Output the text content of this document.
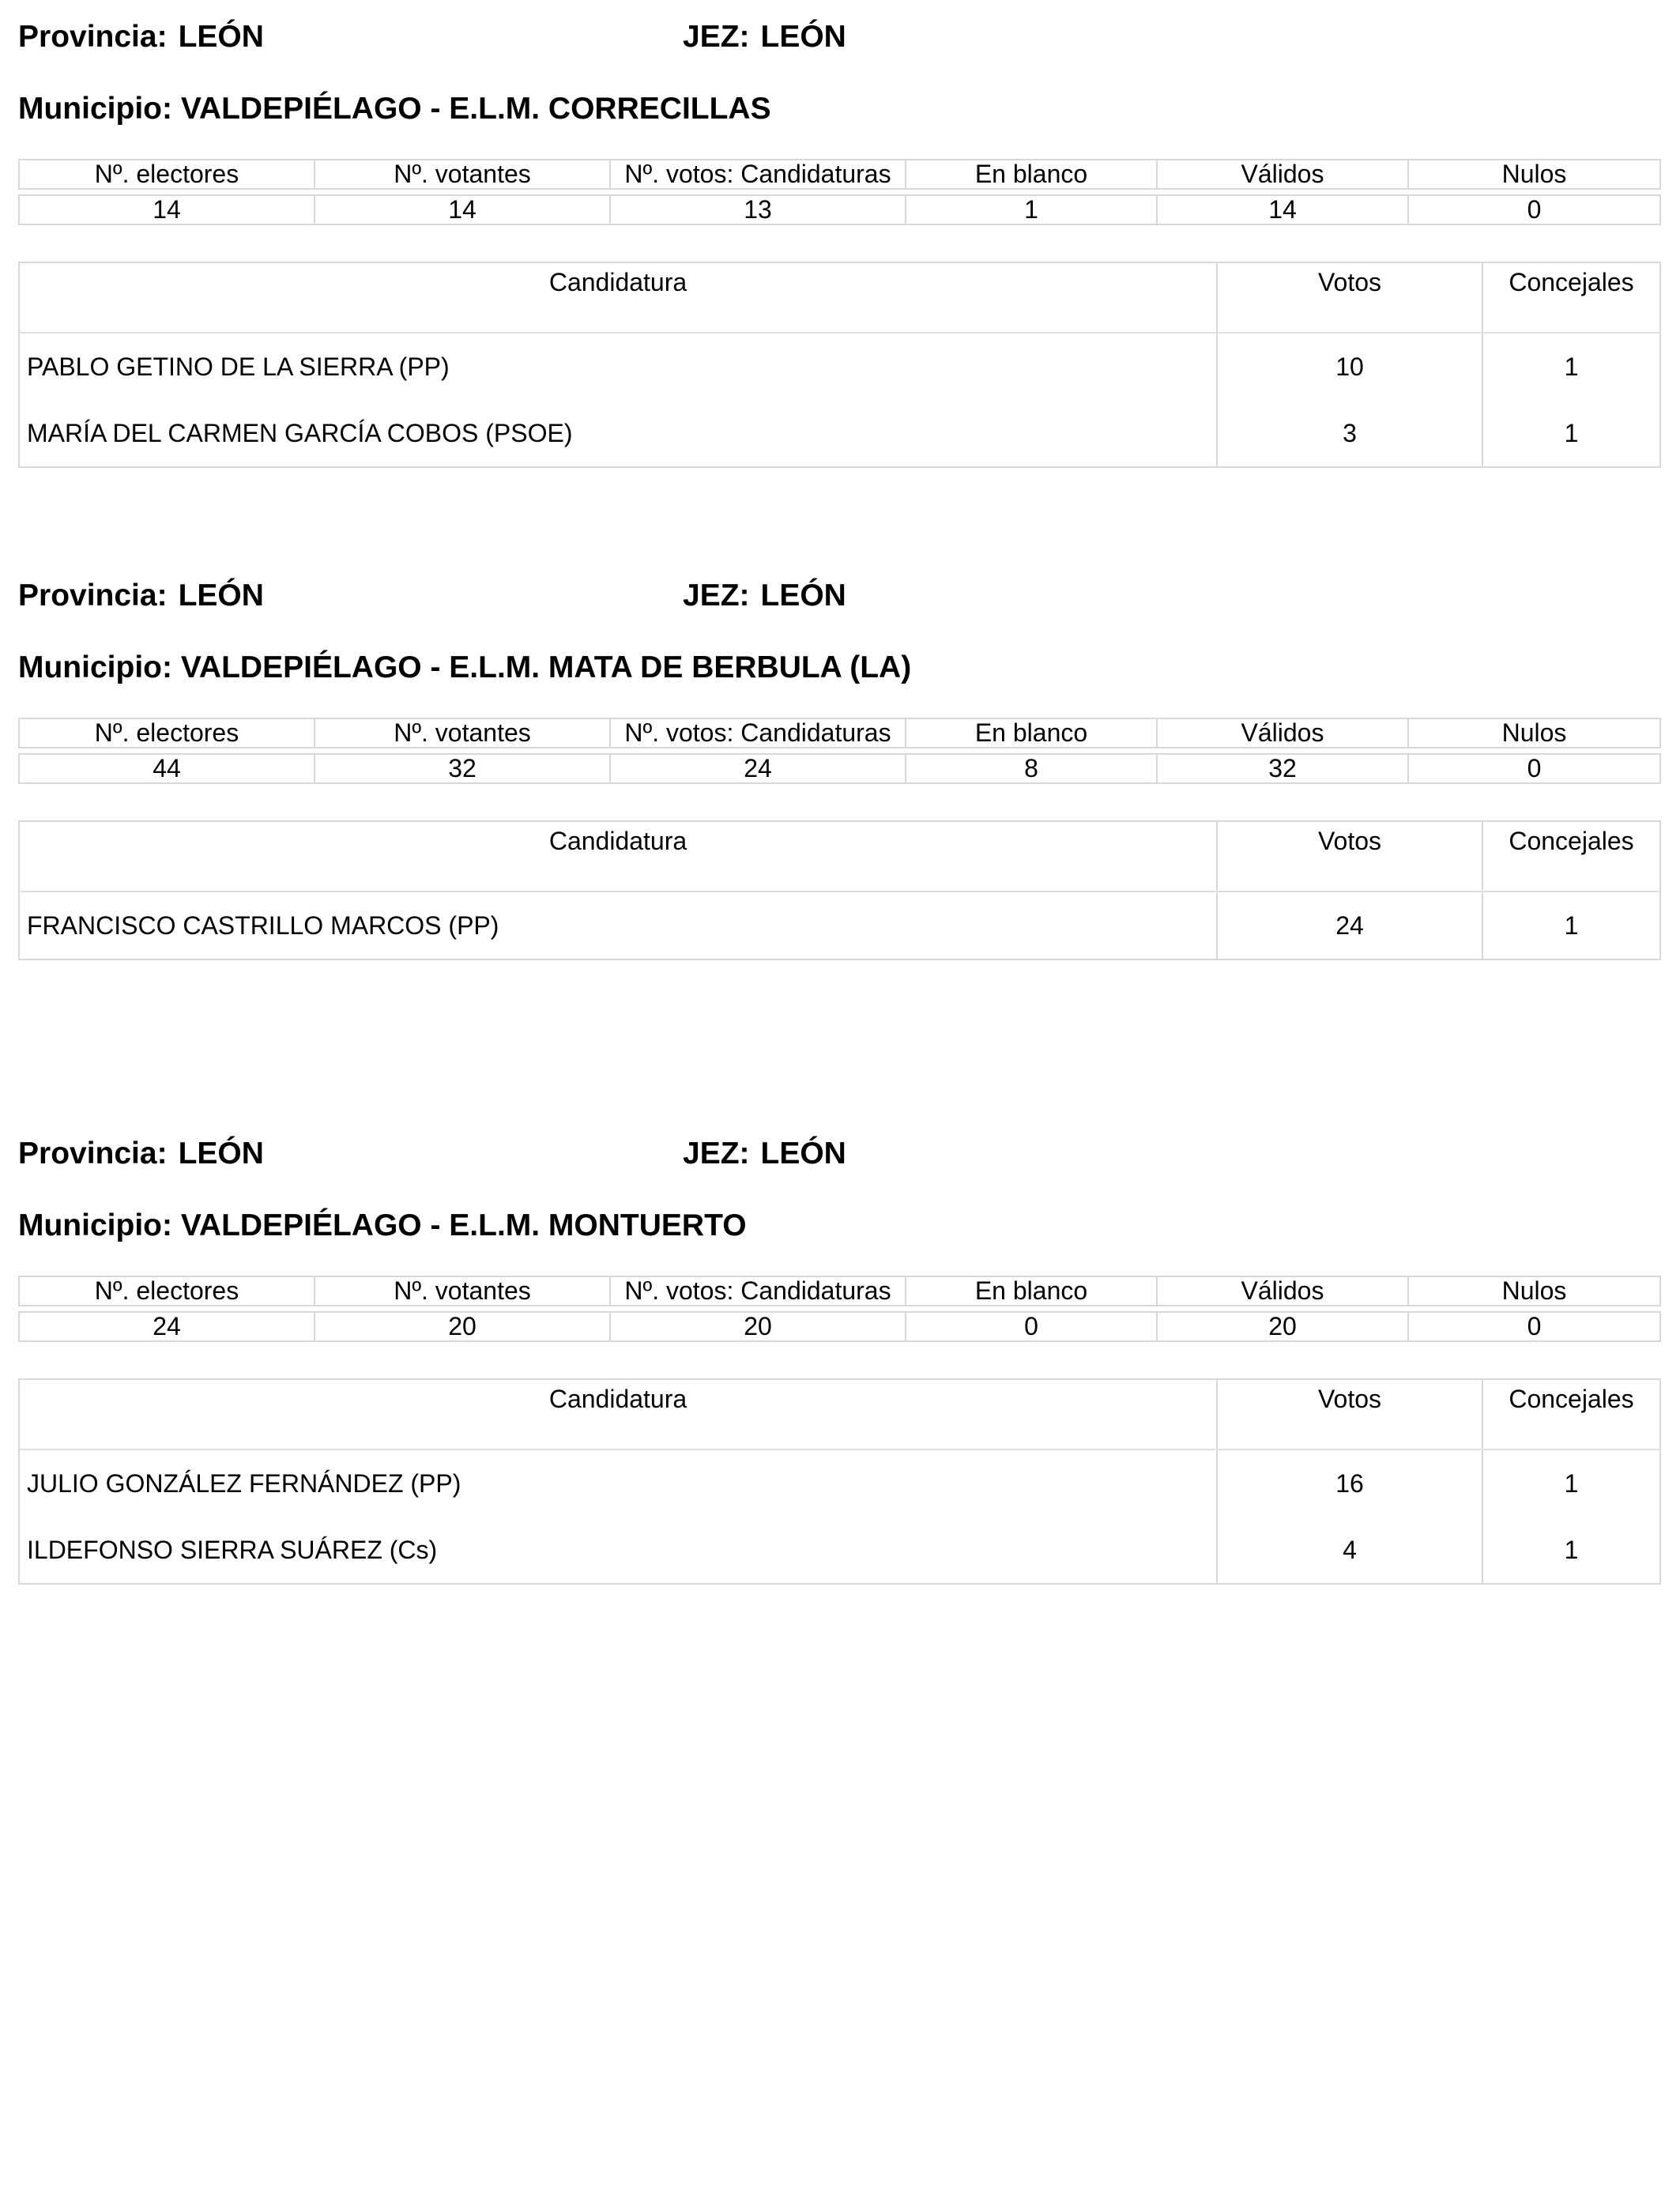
Provincia: LEÓN	JEZ: LEÓN
Municipio: VALDEPIÉLAGO - E.L.M. CORRECILLAS
Nº. electores	Nº. votantes	Nº. votos: Candidaturas	En blanco	Válidos	Nulos

14	14	13	1	14	0
Candidatura	Votos	Concejales
PABLO GETINO DE LA SIERRA (PP)	10	1
MARÍA DEL CARMEN GARCÍA COBOS (PSOE)	3	1
Provincia: LEÓN	JEZ: LEÓN
Municipio: VALDEPIÉLAGO - E.L.M. MATA DE BERBULA (LA)
Nº. electores	Nº. votantes	Nº. votos: Candidaturas	En blanco	Válidos	Nulos

44	32	24	8	32	0
Candidatura	Votos	Concejales
FRANCISCO CASTRILLO MARCOS (PP)	24	1
Provincia: LEÓN	JEZ: LEÓN
Municipio: VALDEPIÉLAGO - E.L.M. MONTUERTO
Nº. electores	Nº. votantes	Nº. votos: Candidaturas	En blanco	Válidos	Nulos

24	20	20	0	20	0
Candidatura	Votos	Concejales
JULIO GONZÁLEZ FERNÁNDEZ (PP)	16	1
ILDEFONSO SIERRA SUÁREZ (Cs)	4	1
